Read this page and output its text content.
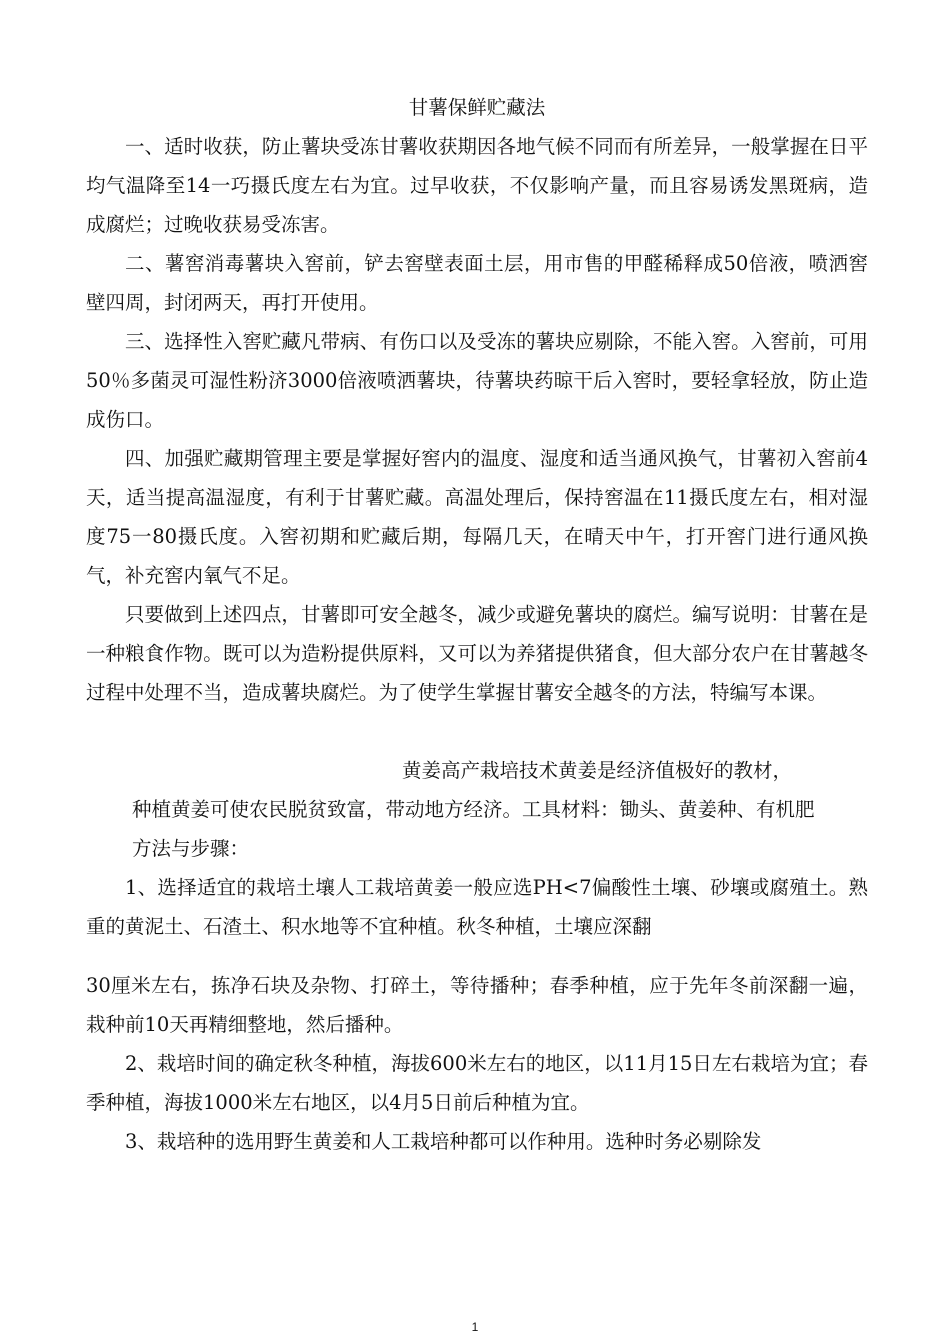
甘薯保鲜贮藏法

一、适时收获，防止薯块受冻甘薯收获期因各地气候不同而有所差异，一般掌握在日平均气温降至14一巧摄氏度左右为宜。过早收获，不仅影响产量，而且容易诱发黑斑病，造成腐烂；过晚收获易受冻害。

二、薯窖消毒薯块入窖前，铲去窖壁表面土层，用市售的甲醛稀释成50倍液，喷洒窖壁四周，封闭两天，再打开使用。

三、选择性入窖贮藏凡带病、有伤口以及受冻的薯块应剔除，不能入窖。入窖前，可用50％多菌灵可湿性粉济3000倍液喷洒薯块，待薯块药晾干后入窖时，要轻拿轻放，防止造成伤口。

四、加强贮藏期管理主要是掌握好窖内的温度、湿度和适当通风换气，甘薯初入窖前4天，适当提高温湿度，有利于甘薯贮藏。高温处理后，保持窖温在11摄氏度左右，相对湿度75一80摄氏度。入窖初期和贮藏后期，每隔几天，在晴天中午，打开窖门进行通风换气，补充窖内氧气不足。

只要做到上述四点，甘薯即可安全越冬，减少或避免薯块的腐烂。编写说明：甘薯在是一种粮食作物。既可以为造粉提供原料，又可以为养猪提供猪食，但大部分农户在甘薯越冬过程中处理不当，造成薯块腐烂。为了使学生掌握甘薯安全越冬的方法，特编写本课。

黄姜高产栽培技术黄姜是经济值极好的教材，

种植黄姜可使农民脱贫致富，带动地方经济。工具材料：锄头、黄姜种、有机肥

方法与步骤：

1、选择适宜的栽培土壤人工栽培黄姜一般应选PH<7偏酸性土壤、砂壤或腐殖土。熟重的黄泥土、石渣土、积水地等不宜种植。秋冬种植，土壤应深翻

30厘米左右，拣净石块及杂物、打碎土，等待播种；春季种植，应于先年冬前深翻一遍，栽种前10天再精细整地，然后播种。

2、栽培时间的确定秋冬种植，海拔600米左右的地区，以11月15日左右栽培为宜；春季种植，海拔1000米左右地区，以4月5日前后种植为宜。

3、栽培种的选用野生黄姜和人工栽培种都可以作种用。选种时务必剔除发

1
